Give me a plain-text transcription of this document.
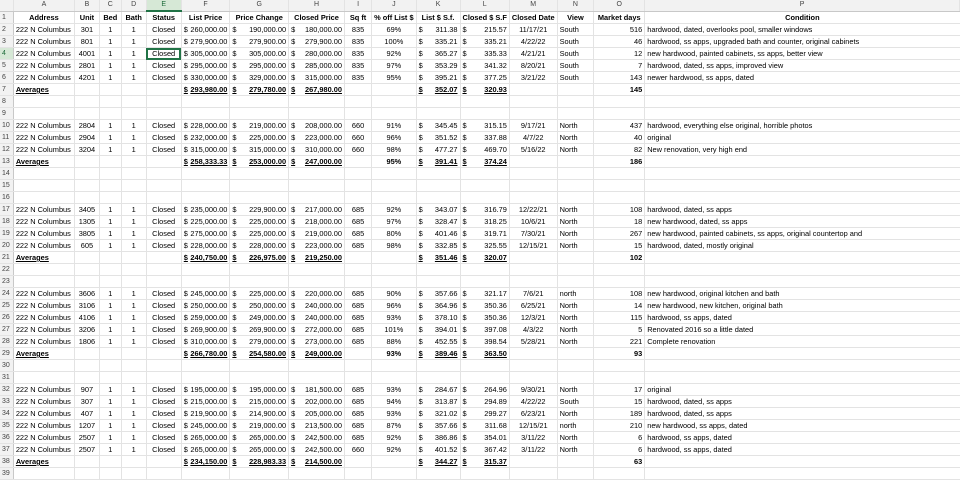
	A	B	C	D	E	F	G	H	I	J	K	L	M	N	O	P
1	Address	Unit	Bed	Bath	Status	List Price	Price Change	Closed Price	Sq ft	% off List $	List $ S.f.	Closed $ S.F	Closed Date	View	Market days	Condition
2	222 N Columbus	301	1	1	Closed	$ 260,000.00	$ 190,000.00	$ 180,000.00	835	69%	$ 311.38	$ 215.57	11/17/21	South	516	hardwood, dated, overlooks pool, smaller windows
3	222 N Columbus	801	1	1	Closed	$ 279,900.00	$ 279,900.00	$ 279,900.00	835	100%	$ 335.21	$ 335.21	4/22/22	South	46	hardwood, ss apps, upgraded bath and counter, original cabinets
4	222 N Columbus	4001	1	1	Closed	$ 305,000.00	$ 305,000.00	$ 280,000.00	835	92%	$ 365.27	$ 335.33	4/21/21	South	12	new hardwood, painted cabinets, ss apps, better view
5	222 N Columbus	2801	1	1	Closed	$ 295,000.00	$ 295,000.00	$ 285,000.00	835	97%	$ 353.29	$ 341.32	8/20/21	South	7	hardwood, dated, ss apps, improved view
6	222 N Columbus	4201	1	1	Closed	$ 330,000.00	$ 329,000.00	$ 315,000.00	835	95%	$ 395.21	$ 377.25	3/21/22	South	143	newer hardwood, ss apps, dated
7	Averages					$ 293,980.00	$ 279,780.00	$ 267,980.00			$ 352.07	$ 320.93			145	
8																
9																
10	222 N Columbus	2804	1	1	Closed	$ 228,000.00	$ 219,000.00	$ 208,000.00	660	91%	$ 345.45	$ 315.15	9/17/21	North	437	hardwood, everything else original, horrible photos
11	222 N Columbus	2904	1	1	Closed	$ 232,000.00	$ 225,000.00	$ 223,000.00	660	96%	$ 351.52	$ 337.88	4/7/22	North	40	original
12	222 N Columbus	3204	1	1	Closed	$ 315,000.00	$ 315,000.00	$ 310,000.00	660	98%	$ 477.27	$ 469.70	5/16/22	North	82	New renovation, very high end
13	Averages					$ 258,333.33	$ 253,000.00	$ 247,000.00		95%	$ 391.41	$ 374.24			186	
14																
15																
16																
17	222 N Columbus	3405	1	1	Closed	$ 235,000.00	$ 229,900.00	$ 217,000.00	685	92%	$ 343.07	$ 316.79	12/22/21	North	108	hardwood, dated, ss apps
18	222 N Columbus	1305	1	1	Closed	$ 225,000.00	$ 225,000.00	$ 218,000.00	685	97%	$ 328.47	$ 318.25	10/6/21	North	18	new hardwood, dated, ss apps
19	222 N Columbus	3805	1	1	Closed	$ 275,000.00	$ 225,000.00	$ 219,000.00	685	80%	$ 401.46	$ 319.71	7/30/21	North	267	new hardwood, painted cabinets, ss apps, original countertop and
20	222 N Columbus	605	1	1	Closed	$ 228,000.00	$ 228,000.00	$ 223,000.00	685	98%	$ 332.85	$ 325.55	12/15/21	North	15	hardwood, dated, mostly original
21	Averages					$ 240,750.00	$ 226,975.00	$ 219,250.00			$ 351.46	$ 320.07			102	
22																
23																
24	222 N Columbus	3606	1	1	Closed	$ 245,000.00	$ 225,000.00	$ 220,000.00	685	90%	$ 357.66	$ 321.17	7/6/21	north	108	new hardwood, original kitchen and bath
25	222 N Columbus	3106	1	1	Closed	$ 250,000.00	$ 250,000.00	$ 240,000.00	685	96%	$ 364.96	$ 350.36	6/25/21	North	14	new hardwood, new kitchen, original bath
26	222 N Columbus	4106	1	1	Closed	$ 259,000.00	$ 249,000.00	$ 240,000.00	685	93%	$ 378.10	$ 350.36	12/3/21	North	115	hardwood, ss apps, dated
27	222 N Columbus	3206	1	1	Closed	$ 269,900.00	$ 269,900.00	$ 272,000.00	685	101%	$ 394.01	$ 397.08	4/3/22	North	5	Renovated 2016 so a little dated
28	222 N Columbus	1806	1	1	Closed	$ 310,000.00	$ 279,000.00	$ 273,000.00	685	88%	$ 452.55	$ 398.54	5/28/21	North	221	Complete renovation
29	Averages					$ 266,780.00	$ 254,580.00	$ 249,000.00		93%	$ 389.46	$ 363.50			93	
30																
31																
32	222 N Columbus	907	1	1	Closed	$ 195,000.00	$ 195,000.00	$ 181,500.00	685	93%	$ 284.67	$ 264.96	9/30/21	North	17	original
33	222 N Columbus	307	1	1	Closed	$ 215,000.00	$ 215,000.00	$ 202,000.00	685	94%	$ 313.87	$ 294.89	4/22/22	South	15	hardwood, dated, ss apps
34	222 N Columbus	407	1	1	Closed	$ 219,900.00	$ 214,900.00	$ 205,000.00	685	93%	$ 321.02	$ 299.27	6/23/21	North	189	hardwood, dated, ss apps
35	222 N Columbus	1207	1	1	Closed	$ 245,000.00	$ 219,000.00	$ 213,500.00	685	87%	$ 357.66	$ 311.68	12/15/21	north	210	new hardwood, ss apps, dated
36	222 N Columbus	2507	1	1	Closed	$ 265,000.00	$ 265,000.00	$ 242,500.00	685	92%	$ 386.86	$ 354.01	3/11/22	North	6	hardwood, ss apps, dated
37	222 N Columbus	2507	1	1	Closed	$ 265,000.00	$ 265,000.00	$ 242,500.00	660	92%	$ 401.52	$ 367.42	3/11/22	North	6	hardwood, ss apps, dated
38	Averages					$ 234,150.00	$ 228,983.33	$ 214,500.00			$ 344.27	$ 315.37			63	
39																
